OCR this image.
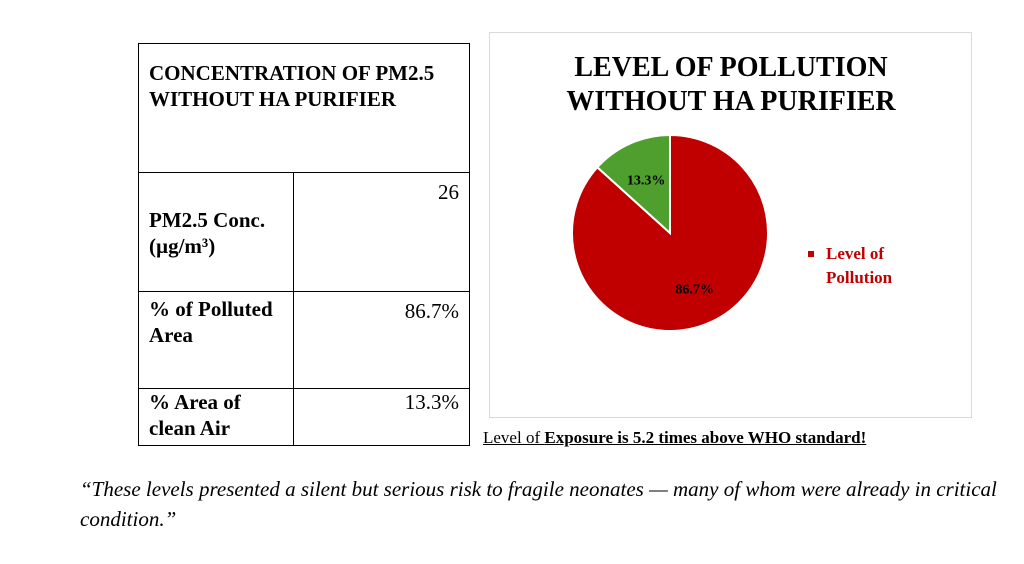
CONCENTRATION OF PM2.5 WITHOUT HA PURIFIER	
PM2.5 Conc. (µg/m³)	26
% of Polluted Area	86.7%
% Area of clean Air	13.3%
LEVEL OF POLLUTION
WITHOUT HA PURIFIER
86.7%
13.3%
Level of
Pollution
Level of Exposure is 5.2 times above WHO standard!
“These levels presented a silent but serious risk to fragile neonates — many of whom were already in critical condition.”
